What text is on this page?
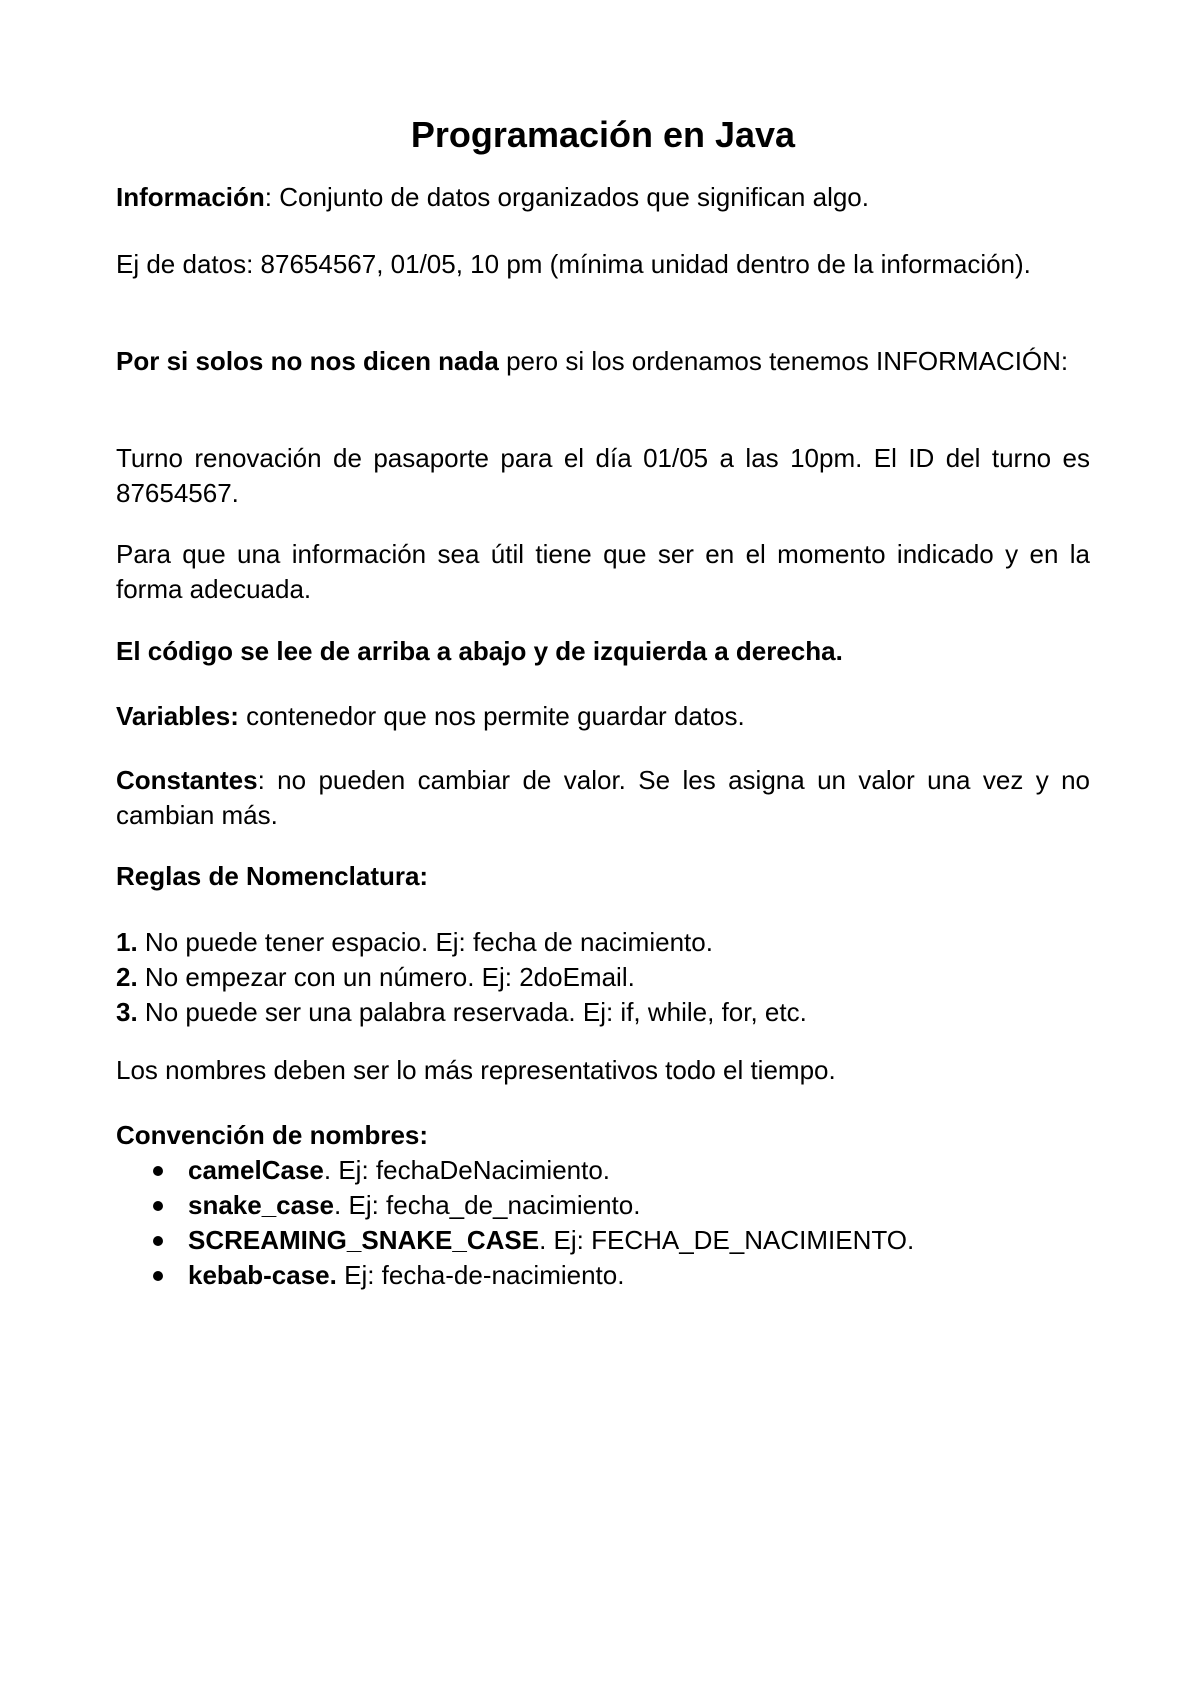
Programación en Java

Información: Conjunto de datos organizados que significan algo.

Ej de datos: 87654567, 01/05, 10 pm (mínima unidad dentro de la información).

Por si solos no nos dicen nada pero si los ordenamos tenemos INFORMACIÓN:

Turno renovación de pasaporte para el día 01/05 a las 10pm. El ID del turno es 87654567.

Para que una información sea útil tiene que ser en el momento indicado y en la forma adecuada.

El código se lee de arriba a abajo y de izquierda a derecha.

Variables: contenedor que nos permite guardar datos.

Constantes: no pueden cambiar de valor. Se les asigna un valor una vez y no cambian más.

Reglas de Nomenclatura:

1. No puede tener espacio. Ej: fecha de nacimiento.
2. No empezar con un número. Ej: 2doEmail.
3. No puede ser una palabra reservada. Ej: if, while, for, etc.

Los nombres deben ser lo más representativos todo el tiempo.

Convención de nombres:

camelCase. Ej: fechaDeNacimiento.
snake_case. Ej: fecha_de_nacimiento.
SCREAMING_SNAKE_CASE. Ej: FECHA_DE_NACIMIENTO.
kebab-case. Ej: fecha-de-nacimiento.
